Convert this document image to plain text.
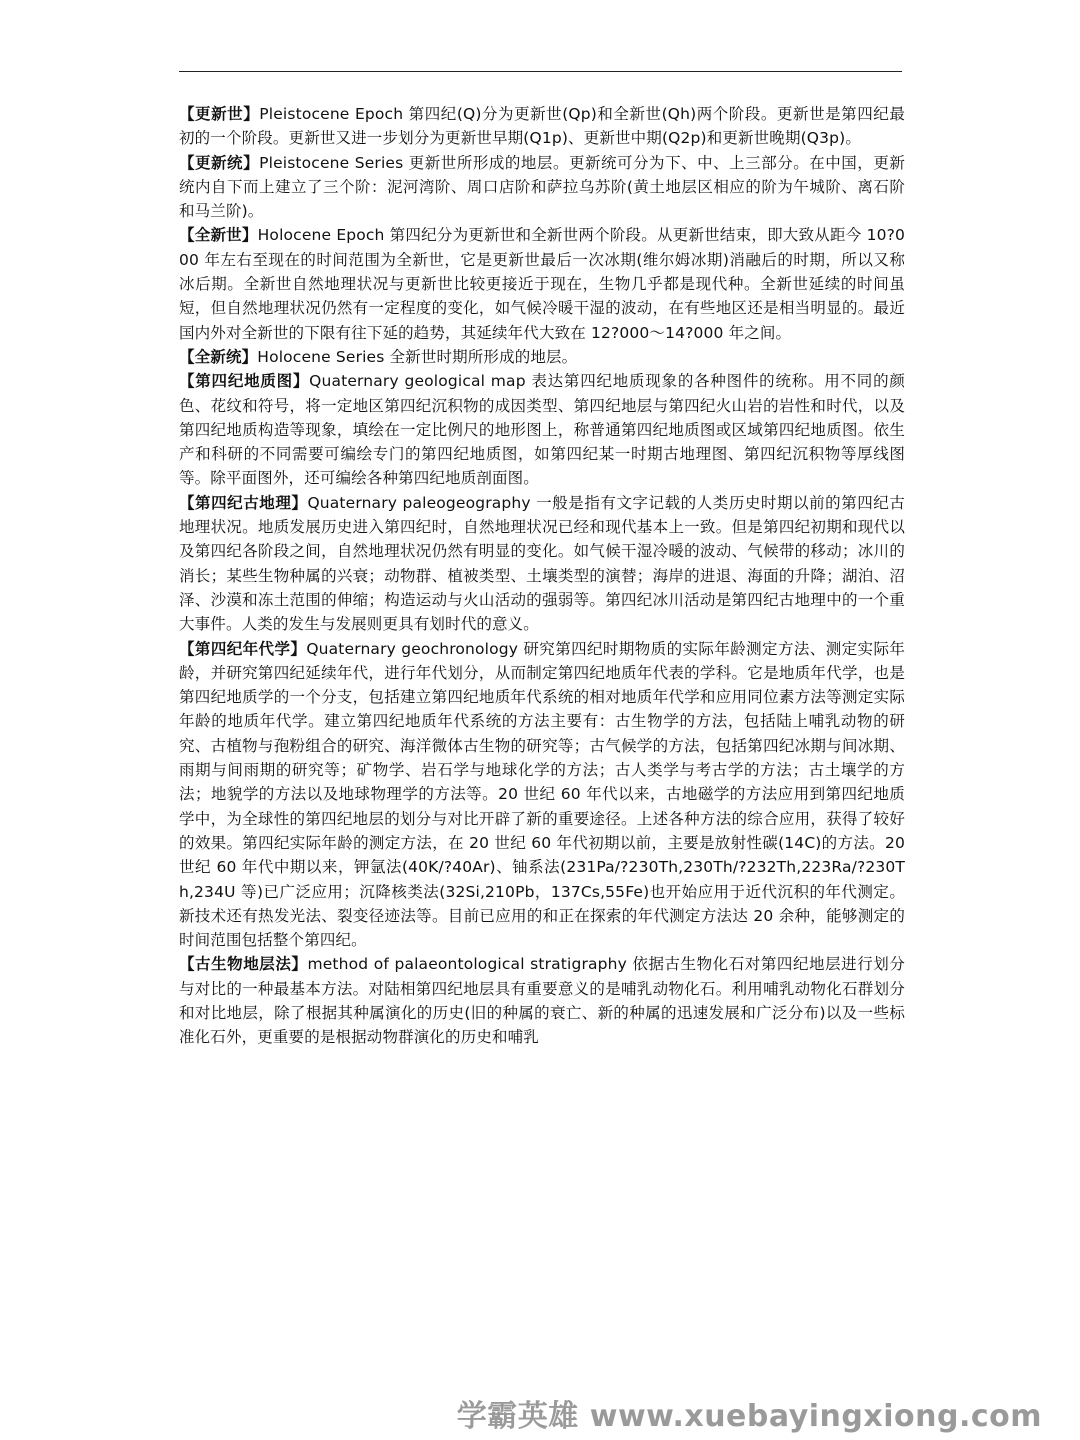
【更新世】Pleistocene Epoch 第四纪(Q)分为更新世(Qp)和全新世(Qh)两个阶段。更新世是第四纪最初的一个阶段。更新世又进一步划分为更新世早期(Q1p)、更新世中期(Q2p)和更新世晚期(Q3p)。

【更新统】Pleistocene Series 更新世所形成的地层。更新统可分为下、中、上三部分。在中国，更新统内自下而上建立了三个阶：泥河湾阶、周口店阶和萨拉乌苏阶(黄土地层区相应的阶为午城阶、离石阶和马兰阶)。

【全新世】Holocene Epoch 第四纪分为更新世和全新世两个阶段。从更新世结束，即大致从距今 10?000 年左右至现在的时间范围为全新世，它是更新世最后一次冰期(维尔姆冰期)消融后的时期，所以又称冰后期。全新世自然地理状况与更新世比较更接近于现在，生物几乎都是现代种。全新世延续的时间虽短，但自然地理状况仍然有一定程度的变化，如气候冷暖干湿的波动，在有些地区还是相当明显的。最近国内外对全新世的下限有往下延的趋势，其延续年代大致在 12?000～14?000 年之间。

【全新统】Holocene Series 全新世时期所形成的地层。

【第四纪地质图】Quaternary geological map 表达第四纪地质现象的各种图件的统称。用不同的颜色、花纹和符号，将一定地区第四纪沉积物的成因类型、第四纪地层与第四纪火山岩的岩性和时代，以及第四纪地质构造等现象，填绘在一定比例尺的地形图上，称普通第四纪地质图或区域第四纪地质图。依生产和科研的不同需要可编绘专门的第四纪地质图，如第四纪某一时期古地理图、第四纪沉积物等厚线图等。除平面图外，还可编绘各种第四纪地质剖面图。

【第四纪古地理】Quaternary paleogeography 一般是指有文字记载的人类历史时期以前的第四纪古地理状况。地质发展历史进入第四纪时，自然地理状况已经和现代基本上一致。但是第四纪初期和现代以及第四纪各阶段之间，自然地理状况仍然有明显的变化。如气候干湿冷暖的波动、气候带的移动；冰川的消长；某些生物种属的兴衰；动物群、植被类型、土壤类型的演替；海岸的进退、海面的升降；湖泊、沼泽、沙漠和冻土范围的伸缩；构造运动与火山活动的强弱等。第四纪冰川活动是第四纪古地理中的一个重大事件。人类的发生与发展则更具有划时代的意义。

【第四纪年代学】Quaternary geochronology 研究第四纪时期物质的实际年龄测定方法、测定实际年龄，并研究第四纪延续年代，进行年代划分，从而制定第四纪地质年代表的学科。它是地质年代学，也是第四纪地质学的一个分支，包括建立第四纪地质年代系统的相对地质年代学和应用同位素方法等测定实际年龄的地质年代学。建立第四纪地质年代系统的方法主要有：古生物学的方法，包括陆上哺乳动物的研究、古植物与孢粉组合的研究、海洋微体古生物的研究等；古气候学的方法，包括第四纪冰期与间冰期、雨期与间雨期的研究等；矿物学、岩石学与地球化学的方法；古人类学与考古学的方法；古土壤学的方法；地貌学的方法以及地球物理学的方法等。20 世纪 60 年代以来，古地磁学的方法应用到第四纪地质学中，为全球性的第四纪地层的划分与对比开辟了新的重要途径。上述各种方法的综合应用，获得了较好的效果。第四纪实际年龄的测定方法，在 20 世纪 60 年代初期以前，主要是放射性碳(14C)的方法。20 世纪 60 年代中期以来，钾氩法(40K/?40Ar)、铀系法(231Pa/?230Th,230Th/?232Th,223Ra/?230Th,234U 等)已广泛应用；沉降核类法(32Si,210Pb，137Cs,55Fe)也开始应用于近代沉积的年代测定。新技术还有热发光法、裂变径迹法等。目前已应用的和正在探索的年代测定方法达 20 余种，能够测定的时间范围包括整个第四纪。

【古生物地层法】method of palaeontological stratigraphy 依据古生物化石对第四纪地层进行划分与对比的一种最基本方法。对陆相第四纪地层具有重要意义的是哺乳动物化石。利用哺乳动物化石群划分和对比地层，除了根据其种属演化的历史(旧的种属的衰亡、新的种属的迅速发展和广泛分布)以及一些标准化石外，更重要的是根据动物群演化的历史和哺乳

学霸英雄 www.xuebayingxiong.com
